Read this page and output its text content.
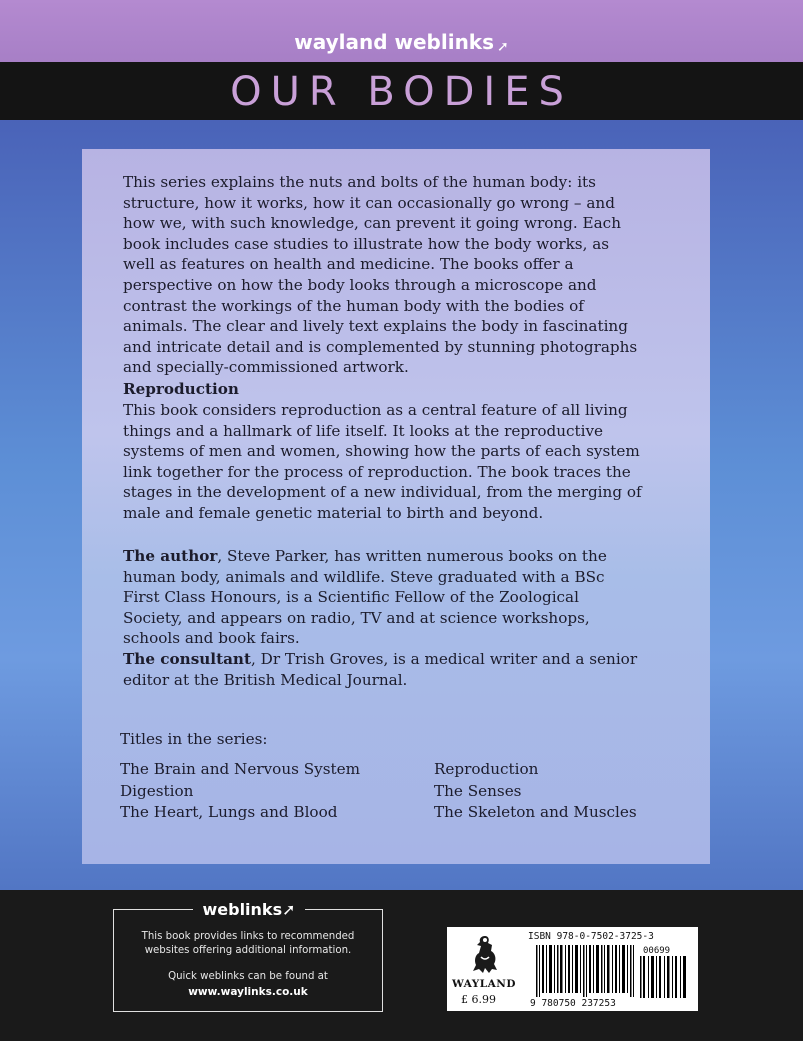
wayland weblinks ➚
OUR BODIES
This series explains the nuts and bolts of the human body: its structure, how it works, how it can occasionally go wrong – and how we, with such knowledge, can prevent it going wrong. Each book includes case studies to illustrate how the body works, as well as features on health and medicine. The books offer a perspective on how the body looks through a microscope and contrast the workings of the human body with the bodies of animals. The clear and lively text explains the body in fascinating and intricate detail and is complemented by stunning photographs and specially-commissioned artwork.
Reproduction
This book considers reproduction as a central feature of all living things and a hallmark of life itself. It looks at the reproductive systems of men and women, showing how the parts of each system link together for the process of reproduction. The book traces the stages in the development of a new individual, from the merging of male and female genetic material to birth and beyond.
The author, Steve Parker, has written numerous books on the human body, animals and wildlife. Steve graduated with a BSc First Class Honours, is a Scientific Fellow of the Zoological Society, and appears on radio, TV and at science workshops, schools and book fairs.
The consultant, Dr Trish Groves, is a medical writer and a senior editor at the British Medical Journal.
Titles in the series:
The Brain and Nervous System
Digestion
The Heart, Lungs and Blood
Reproduction
The Senses
The Skeleton and Muscles
weblinks➚
This book provides links to recommended websites offering additional information.
Quick weblinks can be found at
www.waylinks.co.uk
WAYLAND
£ 6.99
ISBN 978-0-7502-3725-3
00699
9 780750 237253
